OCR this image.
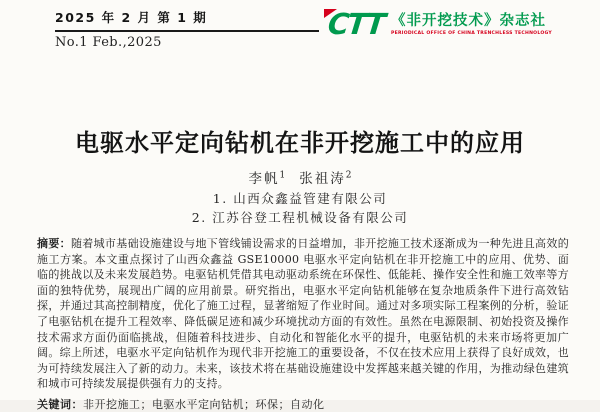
2025 年 2 月 第 1 期
No.1 Feb.,2025
CTT 《非开挖技术》杂志社
PERIODICAL OFFICE OF CHINA TRENCHLESS TECHNOLOGY
电驱水平定向钻机在非开挖施工中的应用
李帆$^1$ 张祖涛$^2$
1. 山西众鑫益管建有限公司
2. 江苏谷登工程机械设备有限公司

摘要：随着城市基础设施建设与地下管线铺设需求的日益增加，非开挖施工技术逐渐成为一种先进且高效的施工方案。本文重点探讨了山西众鑫益 GSE10000 电驱水平定向钻机在非开挖施工中的应用、优势、面临的挑战以及未来发展趋势。电驱钻机凭借其电动驱动系统在环保性、低能耗、操作安全性和施工效率等方面的独特优势，展现出广阔的应用前景。研究指出，电驱水平定向钻机能够在复杂地质条件下进行高效钻探，并通过其高控制精度，优化了施工过程，显著缩短了作业时间。通过对多项实际工程案例的分析，验证了电驱钻机在提升工程效率、降低碳足迹和减少环境扰动方面的有效性。虽然在电源限制、初始投资及操作技术需求方面仍面临挑战，但随着科技进步、自动化和智能化水平的提升，电驱钻机的未来市场将更加广阔。综上所述，电驱水平定向钻机作为现代非开挖施工的重要设备，不仅在技术应用上获得了良好成效，也为可持续发展注入了新的动力。未来，该技术将在基础设施建设中发挥越来越关键的作用，为推动绿色建筑和城市可持续发展提供强有力的支持。

关键词：非开挖施工；电驱水平定向钻机；环保；自动化
